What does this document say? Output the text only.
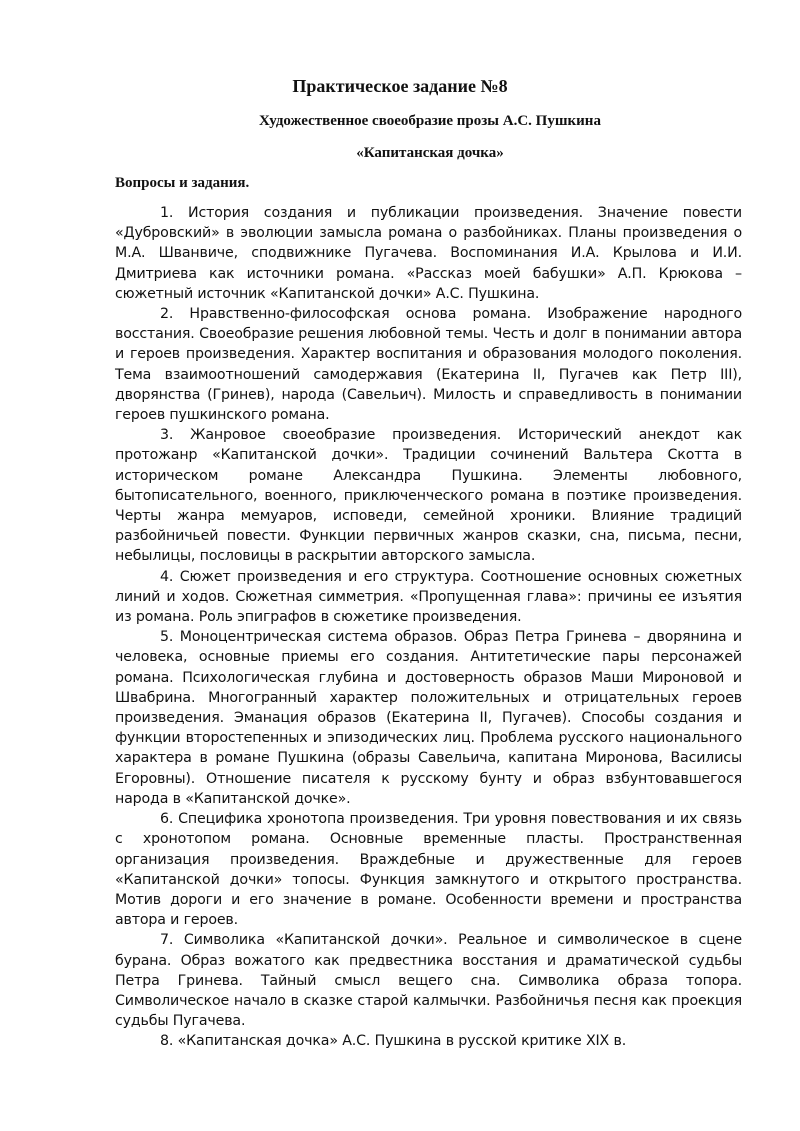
Практическое задание №8
Художественное своеобразие прозы А.С. Пушкина
«Капитанская дочка»
Вопросы и задания.

1. История создания и публикации произведения. Значение повести «Дубровский» в эволюции замысла романа о разбойниках. Планы произведения о М.А. Шванвиче, сподвижнике Пугачева. Воспоминания И.А. Крылова и И.И. Дмитриева как источники романа. «Рассказ моей бабушки» А.П. Крюкова – сюжетный источник «Капитанской дочки» А.С. Пушкина.

2. Нравственно-философская основа романа. Изображение народного восстания. Своеобразие решения любовной темы. Честь и долг в понимании автора и героев произведения. Характер воспитания и образования молодого поколения. Тема взаимоотношений самодержавия (Екатерина II, Пугачев как Петр III), дворянства (Гринев), народа (Савельич). Милость и справедливость в понимании героев пушкинского романа.

3. Жанровое своеобразие произведения. Исторический анекдот как протожанр «Капитанской дочки». Традиции сочинений Вальтера Скотта в историческом романе Александра Пушкина. Элементы любовного, бытописательного, военного, приключенческого романа в поэтике произведения. Черты жанра мемуаров, исповеди, семейной хроники. Влияние традиций разбойничьей повести. Функции первичных жанров сказки, сна, письма, песни, небылицы, пословицы в раскрытии авторского замысла.

4. Сюжет произведения и его структура. Соотношение основных сюжетных линий и ходов. Сюжетная симметрия. «Пропущенная глава»: причины ее изъятия из романа. Роль эпиграфов в сюжетике произведения.

5. Моноцентрическая система образов. Образ Петра Гринева – дворянина и человека, основные приемы его создания. Антитетические пары персонажей романа. Психологическая глубина и достоверность образов Маши Мироновой и Швабрина. Многогранный характер положительных и отрицательных героев произведения. Эманация образов (Екатерина II, Пугачев). Способы создания и функции второстепенных и эпизодических лиц. Проблема русского национального характера в романе Пушкина (образы Савельича, капитана Миронова, Василисы Егоровны). Отношение писателя к русскому бунту и образ взбунтовавшегося народа в «Капитанской дочке».

6. Специфика хронотопа произведения. Три уровня повествования и их связь с хронотопом романа. Основные временные пласты. Пространственная организация произведения. Враждебные и дружественные для героев «Капитанской дочки» топосы. Функция замкнутого и открытого пространства. Мотив дороги и его значение в романе. Особенности времени и пространства автора и героев.

7. Символика «Капитанской дочки». Реальное и символическое в сцене бурана. Образ вожатого как предвестника восстания и драматической судьбы Петра Гринева. Тайный смысл вещего сна. Символика образа топора. Символическое начало в сказке старой калмычки. Разбойничья песня как проекция судьбы Пугачева.

8. «Капитанская дочка» А.С. Пушкина в русской критике XIX в.
